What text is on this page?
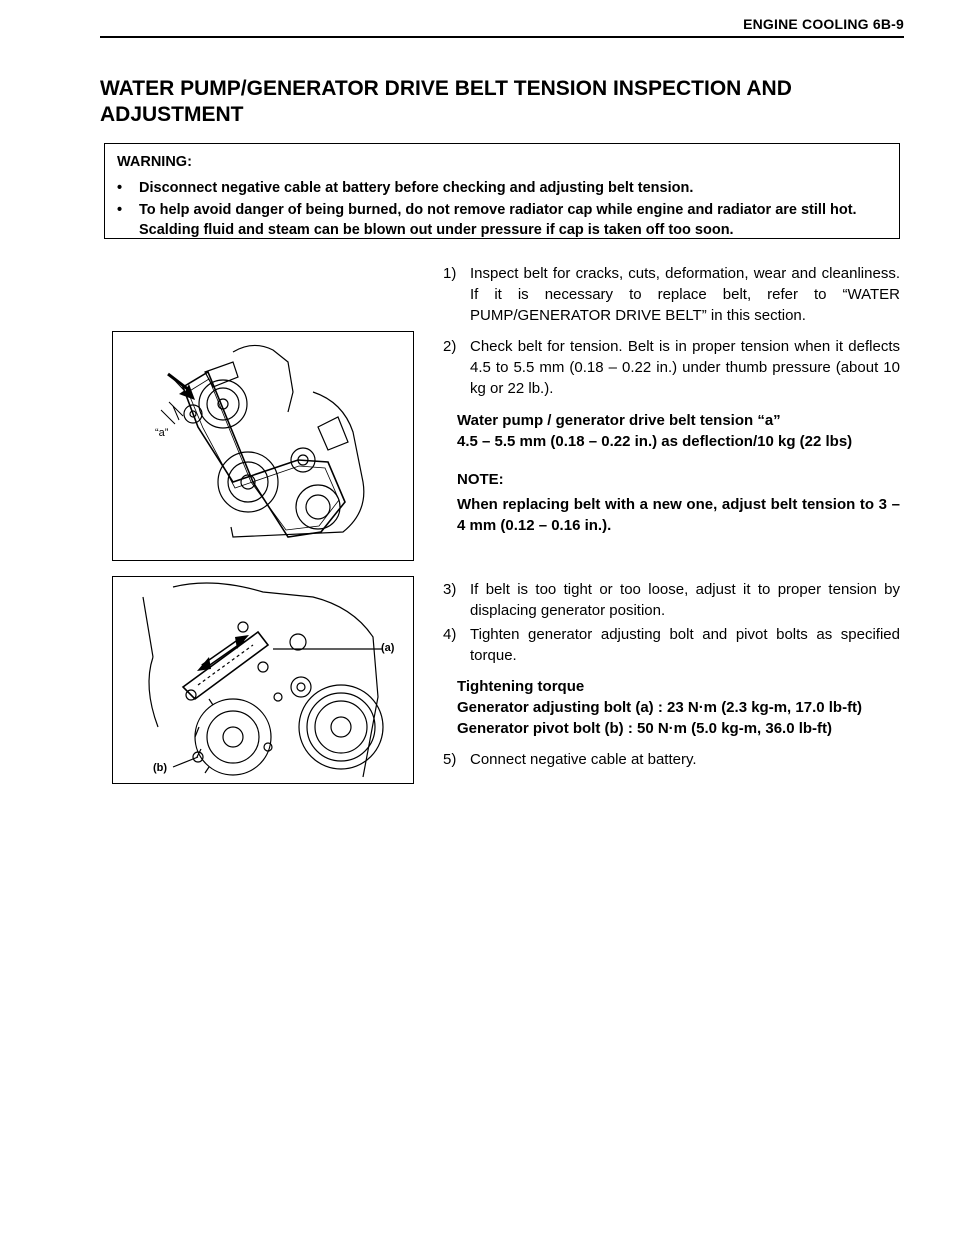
ENGINE COOLING 6B-9
WATER PUMP/GENERATOR DRIVE BELT TENSION INSPECTION AND ADJUSTMENT
WARNING:
•	Disconnect negative cable at battery before checking and adjusting belt tension.
•	To help avoid danger of being burned, do not remove radiator cap while engine and radiator are still hot. Scalding fluid and steam can be blown out under pressure if cap is taken off too soon.
“a”
(a)
(b)
1) Inspect belt for cracks, cuts, deformation, wear and cleanliness. If it is necessary to replace belt, refer to “WATER PUMP/GENERATOR DRIVE BELT” in this section.
2) Check belt for tension. Belt is in proper tension when it deflects 4.5 to 5.5 mm (0.18 – 0.22 in.) under thumb pressure (about 10 kg or 22 lb.).
Water pump / generator drive belt tension “a”
4.5 – 5.5 mm (0.18 – 0.22 in.) as deflection/10 kg (22 lbs)
NOTE:
When replacing belt with a new one, adjust belt tension to 3 – 4 mm (0.12 – 0.16 in.).
3) If belt is too tight or too loose, adjust it to proper tension by displacing generator position.
4) Tighten generator adjusting bolt and pivot bolts as specified torque.
Tightening torque
Generator adjusting bolt (a) : 23 N·m (2.3 kg-m, 17.0 lb-ft)
Generator pivot bolt (b) : 50 N·m (5.0 kg-m, 36.0 lb-ft)
5) Connect negative cable at battery.
